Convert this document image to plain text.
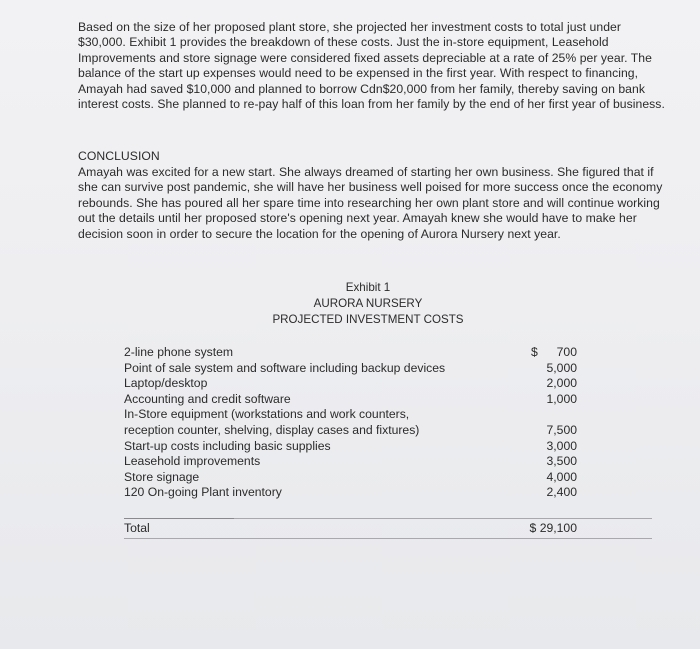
Based on the size of her proposed plant store, she projected her investment costs to total just under
$30,000. Exhibit 1 provides the breakdown of these costs. Just the in-store equipment, Leasehold
Improvements and store signage were considered fixed assets depreciable at a rate of 25% per year. The
balance of the start up expenses would need to be expensed in the first year. With respect to financing,
Amayah had saved $10,000 and planned to borrow Cdn$20,000 from her family, thereby saving on bank
interest costs. She planned to re-pay half of this loan from her family by the end of her first year of business.
CONCLUSION
Amayah was excited for a new start. She always dreamed of starting her own business. She figured that if
she can survive post pandemic, she will have her business well poised for more success once the economy
rebounds. She has poured all her spare time into researching her own plant store and will continue working
out the details until her proposed store's opening next year. Amayah knew she would have to make her
decision soon in order to secure the location for the opening of Aurora Nursery next year.
Exhibit 1
AURORA NURSERY
PROJECTED INVESTMENT COSTS
2-line phone system
Point of sale system and software including backup devices
Laptop/desktop
Accounting and credit software
In-Store equipment (workstations and work counters,
reception counter, shelving, display cases and fixtures)
Start-up costs including basic supplies
Leasehold improvements
Store signage
120 On-going Plant inventory
$	700
5,000
2,000
1,000
7,500
3,000
3,500
4,000
2,400
Total	$ 29,100
